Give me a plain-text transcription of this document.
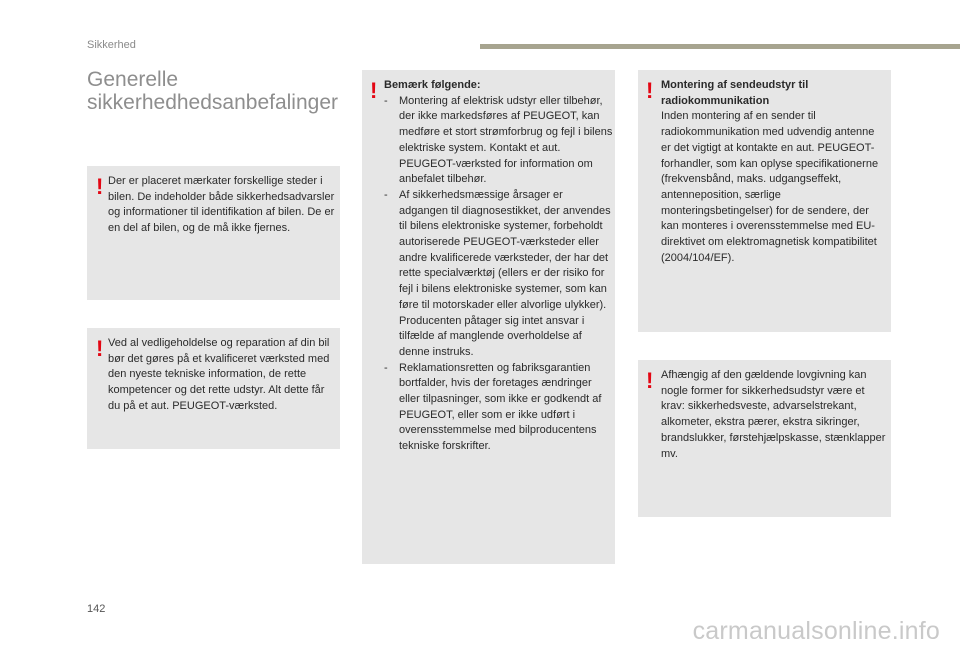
Sikkerhed
Generelle sikkerhedhedsanbefalinger
! Der er placeret mærkater forskellige steder i bilen. De indeholder både sikkerhedsadvarsler og informationer til identifikation af bilen. De er en del af bilen, og de må ikke fjernes.
! Ved al vedligeholdelse og reparation af din bil bør det gøres på et kvalificeret værksted med den nyeste tekniske information, de rette kompetencer og det rette udstyr. Alt dette får du på et aut. PEUGEOT-værksted.
! Bemærk følgende:
- Montering af elektrisk udstyr eller tilbehør, der ikke markedsføres af PEUGEOT, kan medføre et stort strømforbrug og fejl i bilens elektriske system. Kontakt et aut. PEUGEOT-værksted for information om anbefalet tilbehør.
- Af sikkerhedsmæssige årsager er adgangen til diagnosestikket, der anvendes til bilens elektroniske systemer, forbeholdt autoriserede PEUGEOT-værksteder eller andre kvalificerede værksteder, der har det rette specialværktøj (ellers er der risiko for fejl i bilens elektroniske systemer, som kan føre til motorskader eller alvorlige ulykker). Producenten påtager sig intet ansvar i tilfælde af manglende overholdelse af denne instruks.
- Reklamationsretten og fabriksgarantien bortfalder, hvis der foretages ændringer eller tilpasninger, som ikke er godkendt af PEUGEOT, eller som er ikke udført i overensstemmelse med bilproducentens tekniske forskrifter.
! Montering af sendeudstyr til radiokommunikation
Inden montering af en sender til radiokommunikation med udvendig antenne er det vigtigt at kontakte en aut. PEUGEOT-forhandler, som kan oplyse specifikationerne (frekvensbånd, maks. udgangseffekt, antenneposition, særlige monteringsbetingelser) for de sendere, der kan monteres i overensstemmelse med EU-direktivet om elektromagnetisk kompatibilitet (2004/104/EF).
! Afhængig af den gældende lovgivning kan nogle former for sikkerhedsudstyr være et krav: sikkerhedsveste, advarselstrekant, alkometer, ekstra pærer, ekstra sikringer, brandslukker, førstehjælpskasse, stænklapper mv.
142
carmanualsonline.info
